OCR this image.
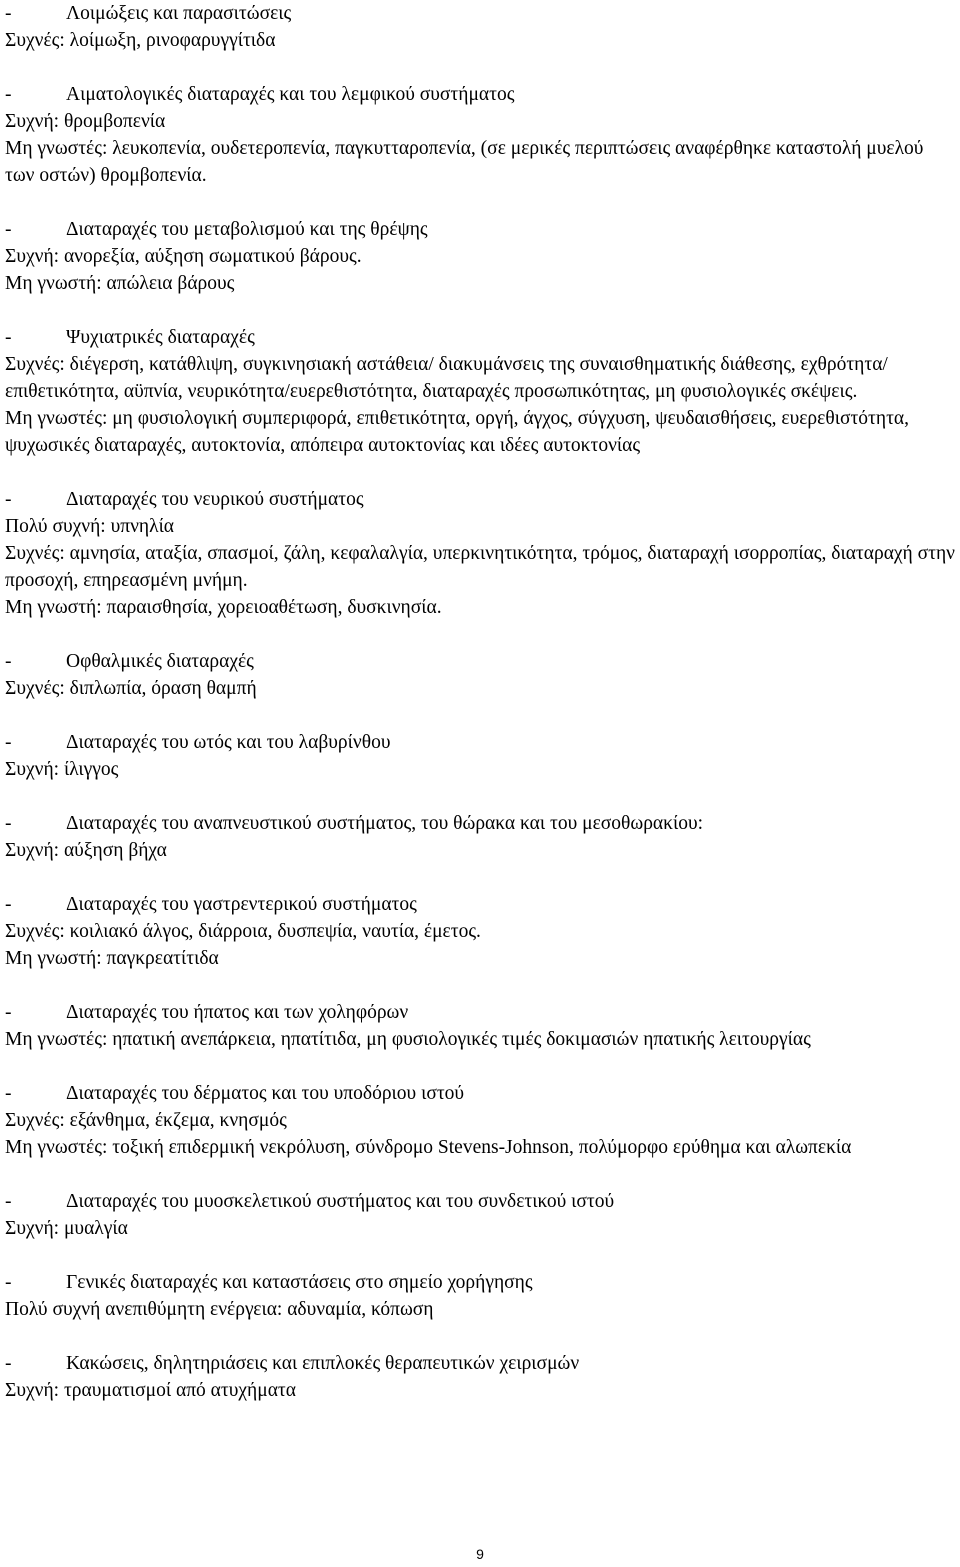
-	Λοιμώξεις και παρασιτώσεις
Συχνές: λοίμωξη, ρινοφαρυγγίτιδα
-	Αιματολογικές διαταραχές και του λεμφικού συστήματος
Συχνή: θρομβοπενία
Μη γνωστές: λευκοπενία, ουδετεροπενία, παγκυτταροπενία, (σε μερικές περιπτώσεις αναφέρθηκε καταστολή μυελού των οστών) θρομβοπενία.
-	Διαταραχές του μεταβολισμού και της θρέψης
Συχνή: ανορεξία, αύξηση σωματικού βάρους.
Μη γνωστή: απώλεια βάρους
-	Ψυχιατρικές διαταραχές
Συχνές: διέγερση, κατάθλιψη, συγκινησιακή αστάθεια/ διακυμάνσεις της συναισθηματικής διάθεσης, εχθρότητα/επιθετικότητα, αϋπνία, νευρικότητα/ευερεθιστότητα, διαταραχές προσωπικότητας, μη φυσιολογικές σκέψεις.
Μη γνωστές: μη φυσιολογική συμπεριφορά, επιθετικότητα, οργή, άγχος, σύγχυση, ψευδαισθήσεις, ευερεθιστότητα, ψυχωσικές διαταραχές, αυτοκτονία, απόπειρα αυτοκτονίας και ιδέες αυτοκτονίας
-	Διαταραχές του νευρικού συστήματος
Πολύ συχνή: υπνηλία
Συχνές: αμνησία, αταξία, σπασμοί, ζάλη, κεφαλαλγία, υπερκινητικότητα, τρόμος, διαταραχή ισορροπίας, διαταραχή στην προσοχή, επηρεασμένη μνήμη.
Μη γνωστή: παραισθησία, χορειοαθέτωση, δυσκινησία.
-	Οφθαλμικές διαταραχές
Συχνές: διπλωπία, όραση θαμπή
-	Διαταραχές του ωτός και του λαβυρίνθου
Συχνή: ίλιγγος
-	Διαταραχές του αναπνευστικού συστήματος, του θώρακα και του μεσοθωρακίου:
Συχνή: αύξηση βήχα
-	Διαταραχές του γαστρεντερικού συστήματος
Συχνές: κοιλιακό άλγος, διάρροια, δυσπεψία, ναυτία, έμετος.
Μη γνωστή: παγκρεατίτιδα
-	Διαταραχές του ήπατος και των χοληφόρων
Μη γνωστές: ηπατική ανεπάρκεια, ηπατίτιδα, μη φυσιολογικές τιμές δοκιμασιών ηπατικής λειτουργίας
-	Διαταραχές του δέρματος και του υποδόριου ιστού
Συχνές: εξάνθημα, έκζεμα, κνησμός
Μη γνωστές: τοξική επιδερμική νεκρόλυση, σύνδρομο Stevens-Johnson, πολύμορφο ερύθημα και αλωπεκία
-	Διαταραχές του μυοσκελετικού συστήματος και του συνδετικού ιστού
Συχνή: μυαλγία
-	Γενικές διαταραχές και καταστάσεις στο σημείο χορήγησης
Πολύ συχνή ανεπιθύμητη ενέργεια: αδυναμία, κόπωση
-	Κακώσεις, δηλητηριάσεις και επιπλοκές θεραπευτικών χειρισμών
Συχνή: τραυματισμοί από ατυχήματα
9
